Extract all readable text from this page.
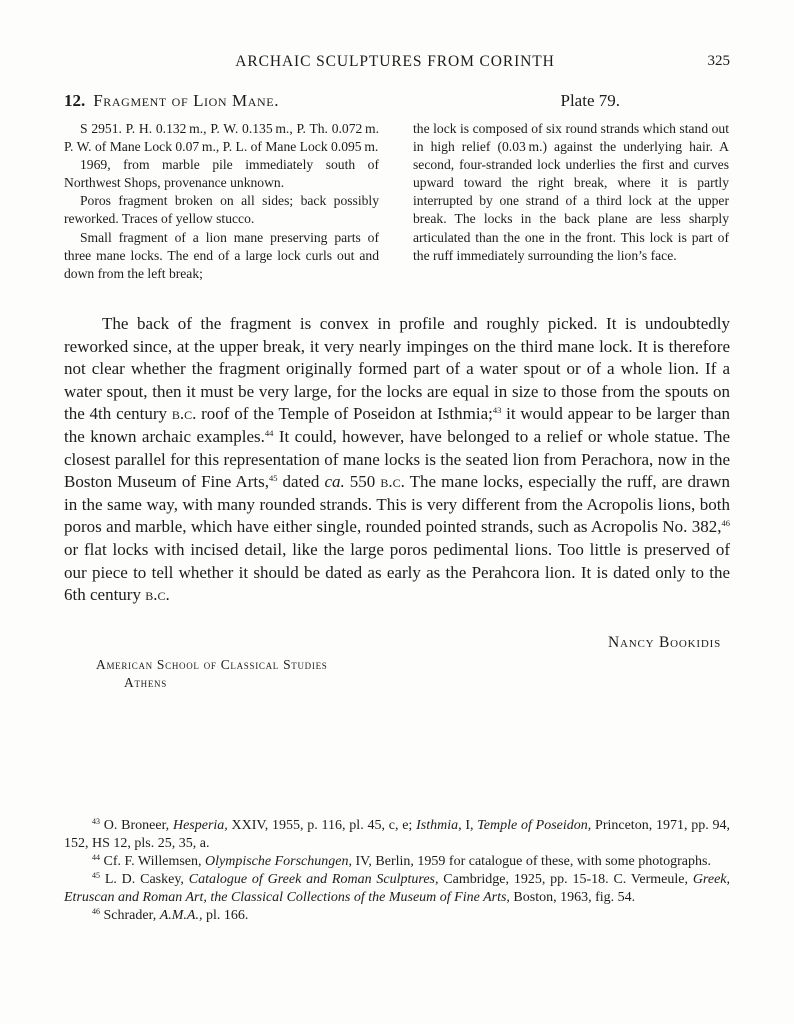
ARCHAIC SCULPTURES FROM CORINTH	325
12. Fragment of Lion Mane.	Plate 79.

S 2951. P. H. 0.132 m., P. W. 0.135 m., P. Th. 0.072 m. P. W. of Mane Lock 0.07 m., P. L. of Mane Lock 0.095 m.

1969, from marble pile immediately south of Northwest Shops, provenance unknown.

Poros fragment broken on all sides; back possibly reworked. Traces of yellow stucco.

Small fragment of a lion mane preserving parts of three mane locks. The end of a large lock curls out and down from the left break;

the lock is composed of six round strands which stand out in high relief (0.03 m.) against the underlying hair. A second, four-stranded lock underlies the first and curves upward toward the right break, where it is partly interrupted by one strand of a third lock at the upper break. The locks in the back plane are less sharply articulated than the one in the front. This lock is part of the ruff immediately surrounding the lion’s face.

The back of the fragment is convex in profile and roughly picked. It is undoubtedly reworked since, at the upper break, it very nearly impinges on the third mane lock. It is therefore not clear whether the fragment originally formed part of a water spout or of a whole lion. If a water spout, then it must be very large, for the locks are equal in size to those from the spouts on the 4th century b.c. roof of the Temple of Poseidon at Isthmia;$^{43}$ it would appear to be larger than the known archaic examples.$^{44}$ It could, however, have belonged to a relief or whole statue. The closest parallel for this representation of mane locks is the seated lion from Perachora, now in the Boston Museum of Fine Arts,$^{45}$ dated ca. 550 b.c. The mane locks, especially the ruff, are drawn in the same way, with many rounded strands. This is very different from the Acropolis lions, both poros and marble, which have either single, rounded pointed strands, such as Acropolis No. 382,46 or flat locks with incised detail, like the large poros pedimental lions. Too little is preserved of our piece to tell whether it should be dated as early as the Perahcora lion. It is dated only to the 6th century b.c.

Nancy Bookidis
American School of Classical Studies
Athens

$^{43}$ O. Broneer, Hesperia, XXIV, 1955, p. 116, pl. 45, c, e; Isthmia, I, Temple of Poseidon, Princeton, 1971, pp. 94, 152, HS 12, pls. 25, 35, a.

$^{44}$ Cf. F. Willemsen, Olympische Forschungen, IV, Berlin, 1959 for catalogue of these, with some photographs.

$^{45}$ L. D. Caskey, Catalogue of Greek and Roman Sculptures, Cambridge, 1925, pp. 15-18. C. Vermeule, Greek, Etruscan and Roman Art, the Classical Collections of the Museum of Fine Arts, Boston, 1963, fig. 54.

$^{46}$ Schrader, A.M.A., pl. 166.
